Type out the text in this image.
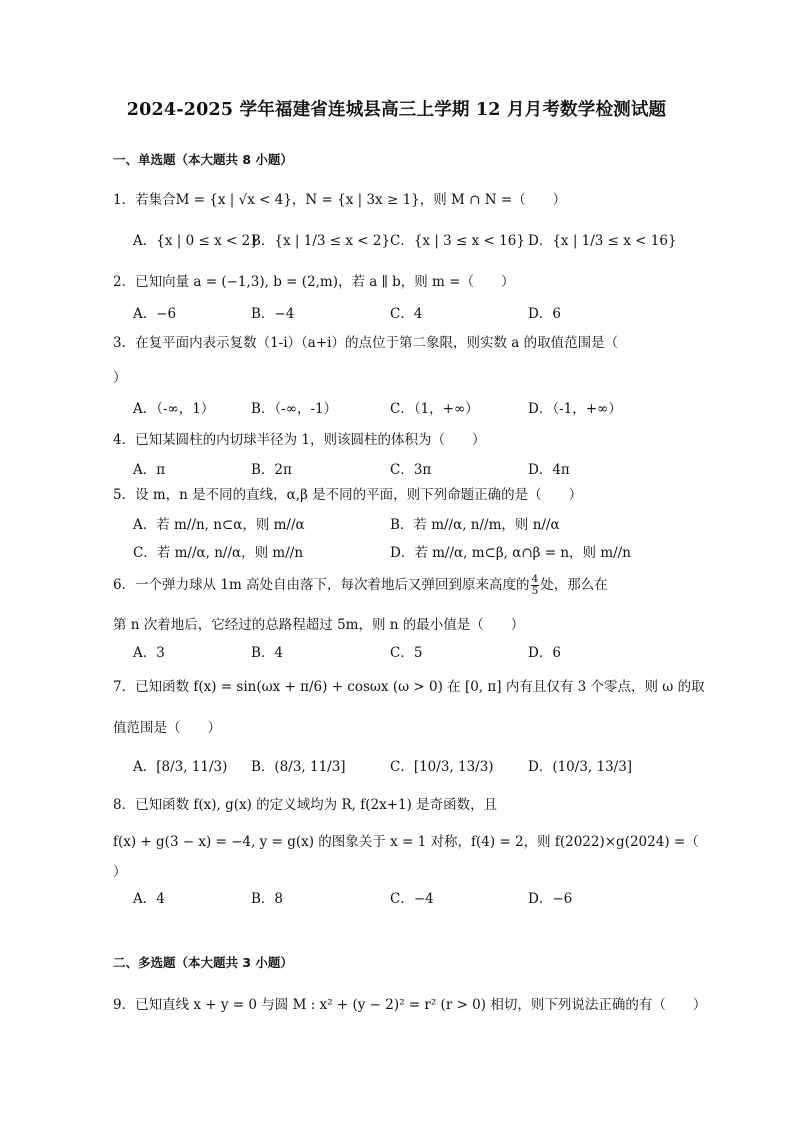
2024-2025 学年福建省连城县高三上学期 12 月月考数学检测试题
一、单选题（本大题共 8 小题）
1．若集合M = {x | √x < 4}，N = {x | 3x ≥ 1}，则 M ∩ N =（　　）
A．{x | 0 ≤ x < 2}
B．{x | 1/3 ≤ x < 2} C．{x | 3 ≤ x < 16} D．{x | 1/3 ≤ x < 16}
2．已知向量 a = (−1,3), b = (2,m)，若 a ∥ b，则 m =（　　）
A．−6	B．−4	C．4	D．6
3．在复平面内表示复数（1-i）（a+i）的点位于第二象限，则实数 a 的取值范围是（
）
A．（-∞，1）	B．（-∞，-1）	C．（1，+∞）	D．（-1，+∞）
4．已知某圆柱的内切球半径为 1，则该圆柱的体积为（　　）
A．π	B．2π	C．3π	D．4π
5．设 m，n 是不同的直线，α,β 是不同的平面，则下列命题正确的是（　　）
A．若 m//n, n⊂α，则 m//α	B．若 m//α, n//m，则 n//α
C．若 m//α, n//α，则 m//n	D．若 m//α, m⊂β, α∩β = n，则 m//n
6．一个弹力球从 1m 高处自由落下，每次着地后又弹回到原来高度的 $\frac{4}{5}$ 处，那么在
第 n 次着地后，它经过的总路程超过 5m，则 n 的最小值是（　　）
A．3	B．4	C．5	D．6
7．已知函数 f(x) = sin(ωx + π/6) + cosωx (ω > 0) 在 [0, π] 内有且仅有 3 个零点，则 ω 的取
值范围是（　　）
A．[8/3, 11/3) B．(8/3, 11/3]	C．[10/3, 13/3)	D．(10/3, 13/3]
8．已知函数 f(x), g(x) 的定义域均为 R, f(2x+1) 是奇函数，且
f(x) + g(3 − x) = −4, y = g(x) 的图象关于 x = 1 对称，f(4) = 2，则 f(2022)×g(2024) =（
）
A．4	B．8	C．−4	D．−6
二、多选题（本大题共 3 小题）
9．已知直线 x + y = 0 与圆 M : x² + (y − 2)² = r² (r > 0) 相切，则下列说法正确的有（　　）
